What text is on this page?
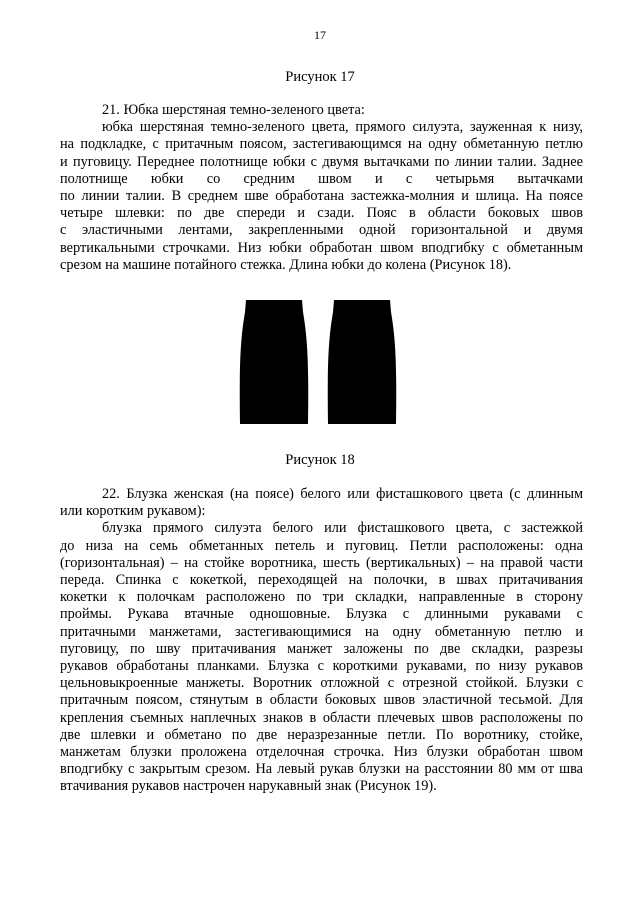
17
Рисунок 17
21. Юбка шерстяная темно-зеленого цвета:
юбка шерстяная темно-зеленого цвета, прямого силуэта, зауженная к низу,
на подкладке, с притачным поясом, застегивающимся на одну обметанную петлю
и пуговицу. Переднее полотнище юбки с двумя вытачками по линии талии. Заднее
полотнище юбки со средним швом и с четырьмя вытачками
по линии талии. В среднем шве обработана застежка-молния и шлица. На поясе
четыре шлевки: по две спереди и сзади. Пояс в области боковых швов
с эластичными лентами, закрепленными одной горизонтальной и двумя
вертикальными строчками. Низ юбки обработан швом вподгибку с обметанным
срезом на машине потайного стежка. Длина юбки до колена (Рисунок 18).
Рисунок 18
22. Блузка женская (на поясе) белого или фисташкового цвета (с длинным
или коротким рукавом):
блузка прямого силуэта белого или фисташкового цвета, с застежкой
до низа на семь обметанных петель и пуговиц. Петли расположены: одна
(горизонтальная) – на стойке воротника, шесть (вертикальных) – на правой части
переда. Спинка с кокеткой, переходящей на полочки, в швах притачивания
кокетки к полочкам расположено по три складки, направленные в сторону
проймы. Рукава втачные одношовные. Блузка с длинными рукавами с
притачными манжетами, застегивающимися на одну обметанную петлю и
пуговицу, по шву притачивания манжет заложены по две складки, разрезы
рукавов обработаны планками. Блузка с короткими рукавами, по низу рукавов
цельновыкроенные манжеты. Воротник отложной с отрезной стойкой. Блузки с
притачным поясом, стянутым в области боковых швов эластичной тесьмой. Для
крепления съемных наплечных знаков в области плечевых швов расположены по
две шлевки и обметано по две неразрезанные петли. По воротнику, стойке,
манжетам блузки проложена отделочная строчка. Низ блузки обработан швом
вподгибку с закрытым срезом. На левый рукав блузки на расстоянии 80 мм от шва
втачивания рукавов настрочен нарукавный знак (Рисунок 19).
